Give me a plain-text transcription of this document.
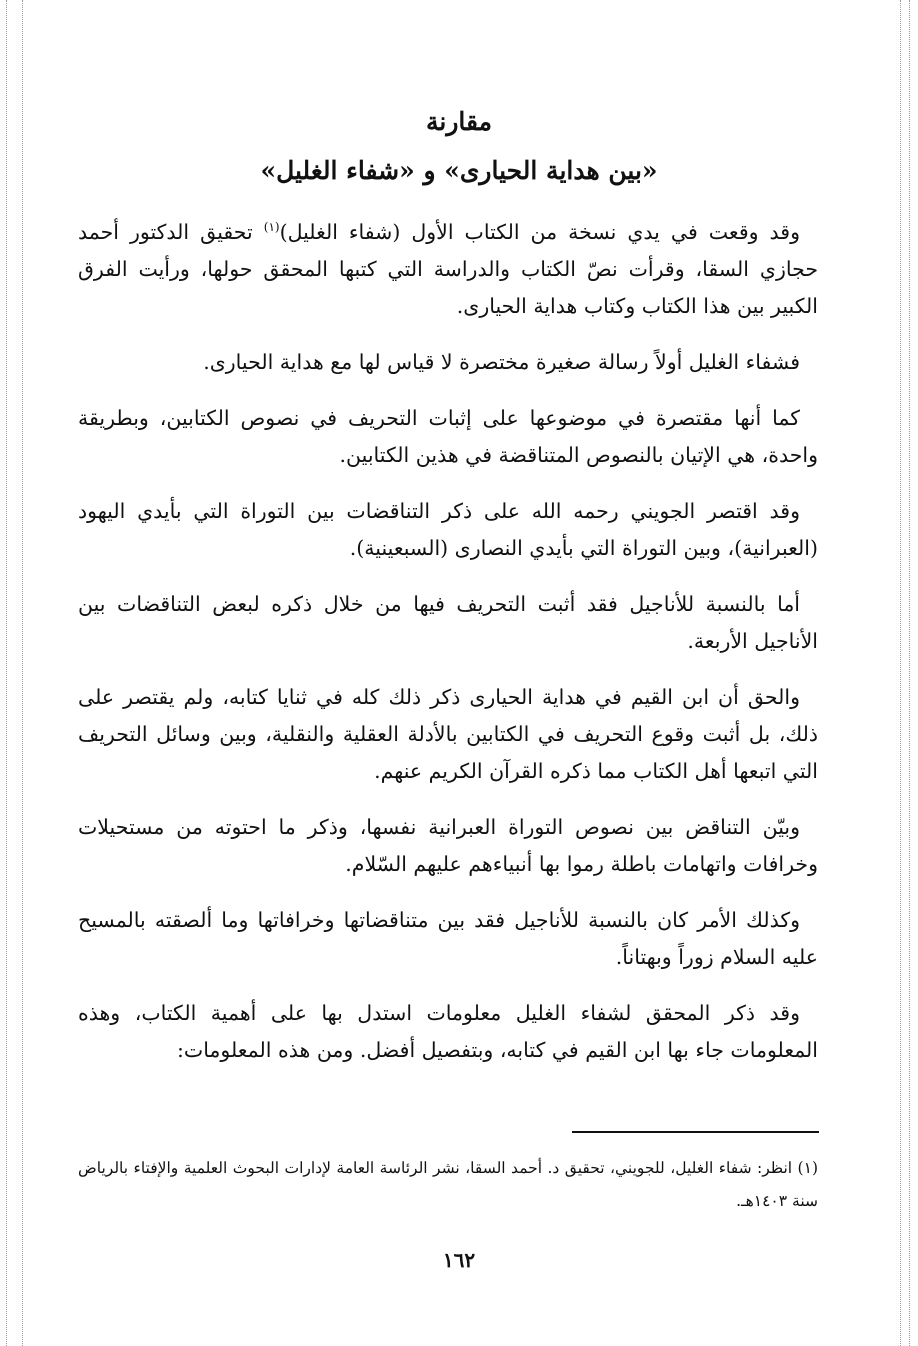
مقارنة
«بين هداية الحيارى» و «شفاء الغليل»

وقد وقعت في يدي نسخة من الكتاب الأول (شفاء الغليل)$^{(١)}$ تحقيق الدكتور أحمد حجازي السقا، وقرأت نصّ الكتاب والدراسة التي كتبها المحقق حولها، ورأيت الفرق الكبير بين هذا الكتاب وكتاب هداية الحيارى.

فشفاء الغليل أولاً رسالة صغيرة مختصرة لا قياس لها مع هداية الحيارى.

كما أنها مقتصرة في موضوعها على إثبات التحريف في نصوص الكتابين، وبطريقة واحدة، هي الإتيان بالنصوص المتناقضة في هذين الكتابين.

وقد اقتصر الجويني رحمه الله على ذكر التناقضات بين التوراة التي بأيدي اليهود (العبرانية)، وبين التوراة التي بأيدي النصارى (السبعينية).

أما بالنسبة للأناجيل فقد أثبت التحريف فيها من خلال ذكره لبعض التناقضات بين الأناجيل الأربعة.

والحق أن ابن القيم في هداية الحيارى ذكر ذلك كله في ثنايا كتابه، ولم يقتصر على ذلك، بل أثبت وقوع التحريف في الكتابين بالأدلة العقلية والنقلية، وبين وسائل التحريف التي اتبعها أهل الكتاب مما ذكره القرآن الكريم عنهم.

وبيّن التناقض بين نصوص التوراة العبرانية نفسها، وذكر ما احتوته من مستحيلات وخرافات واتهامات باطلة رموا بها أنبياءهم عليهم السّلام.

وكذلك الأمر كان بالنسبة للأناجيل فقد بين متناقضاتها وخرافاتها وما ألصقته بالمسيح عليه السلام زوراً وبهتاناً.

وقد ذكر المحقق لشفاء الغليل معلومات استدل بها على أهمية الكتاب، وهذه المعلومات جاء بها ابن القيم في كتابه، وبتفصيل أفضل. ومن هذه المعلومات:

(١) انظر: شفاء الغليل، للجويني، تحقيق د. أحمد السقا، نشر الرئاسة العامة لإدارات البحوث العلمية والإفتاء بالرياض سنة ١٤٠٣هـ.

١٦٢
